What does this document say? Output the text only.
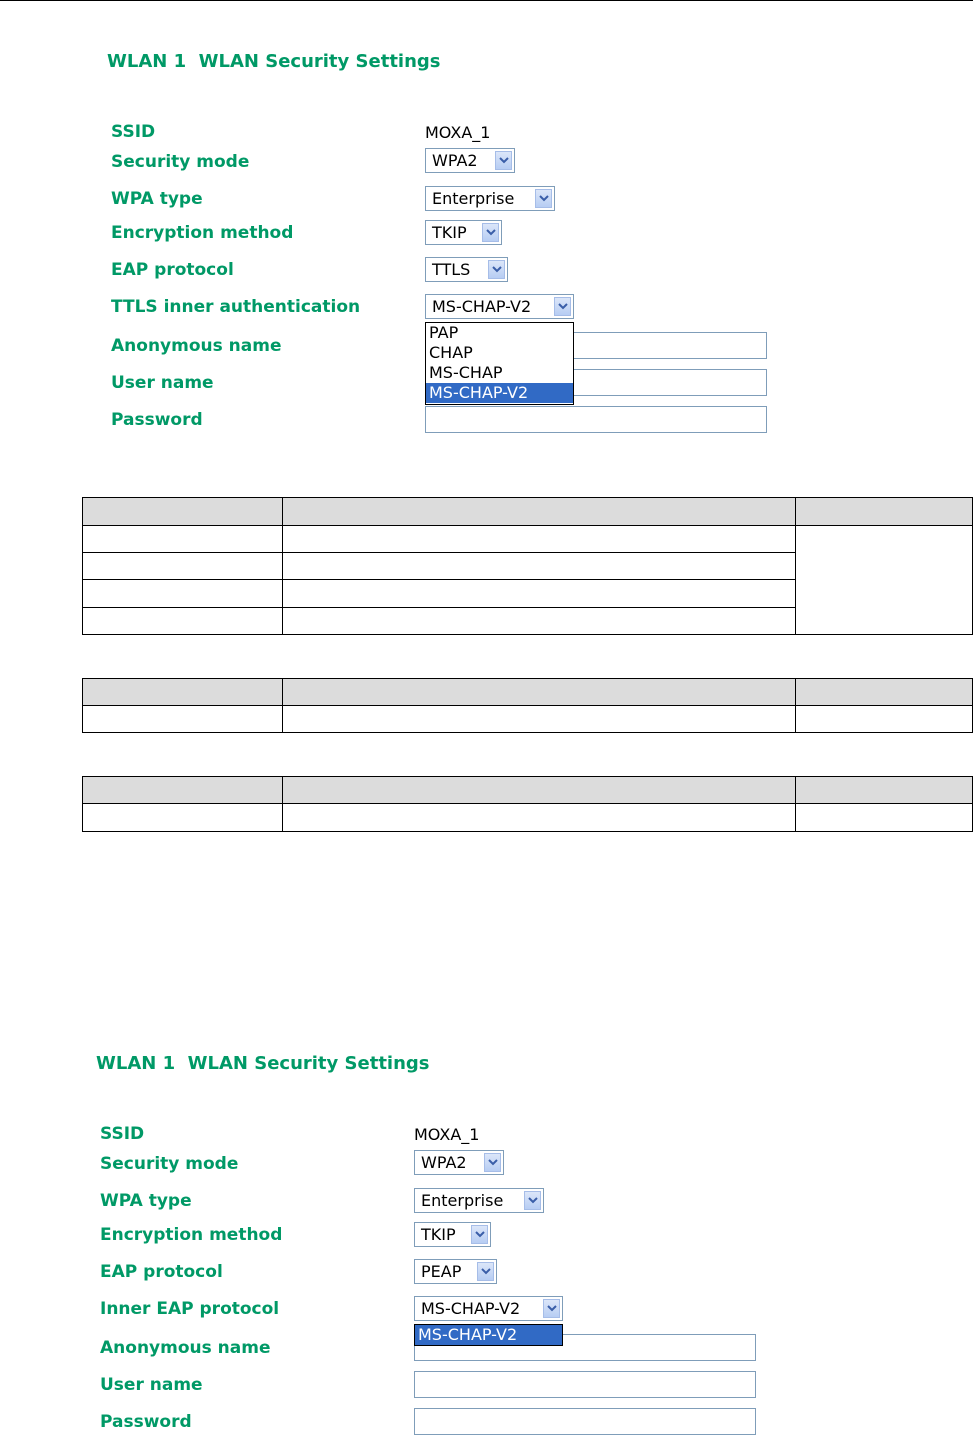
WLAN 1  WLAN Security Settings
SSID	MOXA_1
Security mode	WPA2
WPA type	Enterprise
Encryption method	TKIP
EAP protocol	TTLS
TTLS inner authentication	MS-CHAP-V2
Anonymous name
User name
Password
PAP
CHAP
MS-CHAP
MS-CHAP-V2
WLAN 1  WLAN Security Settings
SSID	MOXA_1
Security mode	WPA2
WPA type	Enterprise
Encryption method	TKIP
EAP protocol	PEAP
Inner EAP protocol	MS-CHAP-V2
Anonymous name
User name
Password
MS-CHAP-V2
